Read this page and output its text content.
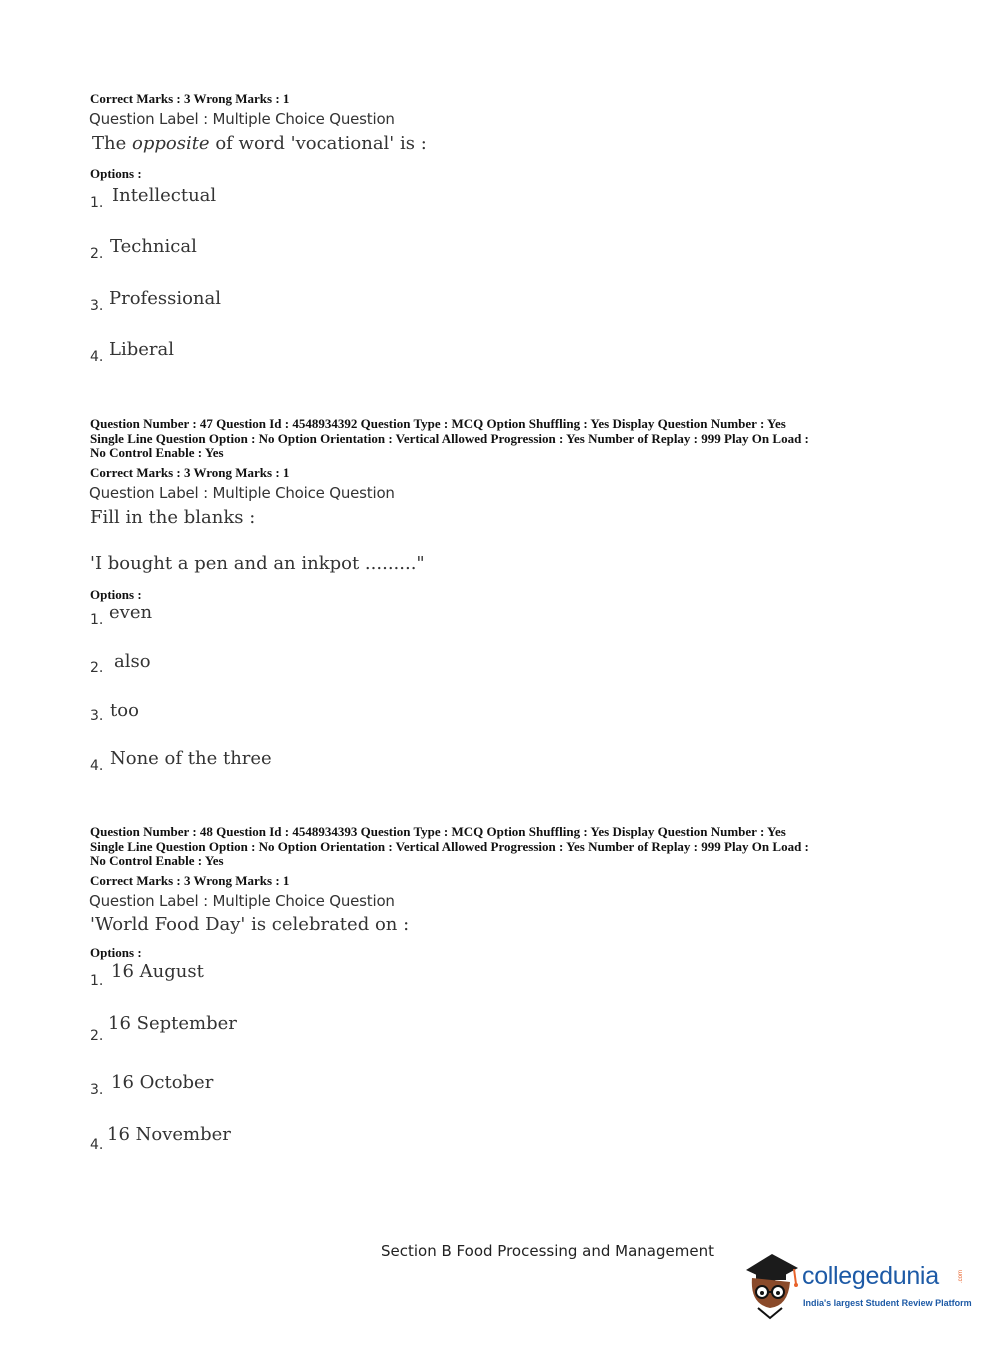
Correct Marks : 3 Wrong Marks : 1
Question Label : Multiple Choice Question
The opposite of word 'vocational' is :
Options :
1. Intellectual
2. Technical
3. Professional
4. Liberal
Question Number : 47 Question Id : 4548934392 Question Type : MCQ Option Shuffling : Yes Display Question Number : Yes
Single Line Question Option : No Option Orientation : Vertical Allowed Progression : Yes Number of Replay : 999 Play On Load :
No Control Enable : Yes
Correct Marks : 3 Wrong Marks : 1
Question Label : Multiple Choice Question
Fill in the blanks :
'I bought a pen and an inkpot ........."
Options :
1. even
2. also
3. too
4. None of the three
Question Number : 48 Question Id : 4548934393 Question Type : MCQ Option Shuffling : Yes Display Question Number : Yes
Single Line Question Option : No Option Orientation : Vertical Allowed Progression : Yes Number of Replay : 999 Play On Load :
No Control Enable : Yes
Correct Marks : 3 Wrong Marks : 1
Question Label : Multiple Choice Question
'World Food Day' is celebrated on :
Options :
1. 16 August
2.
16 September
3. 16 October
4. 16 November
Section B Food Processing and Management
collegedunia	.com
India's largest Student Review Platform
